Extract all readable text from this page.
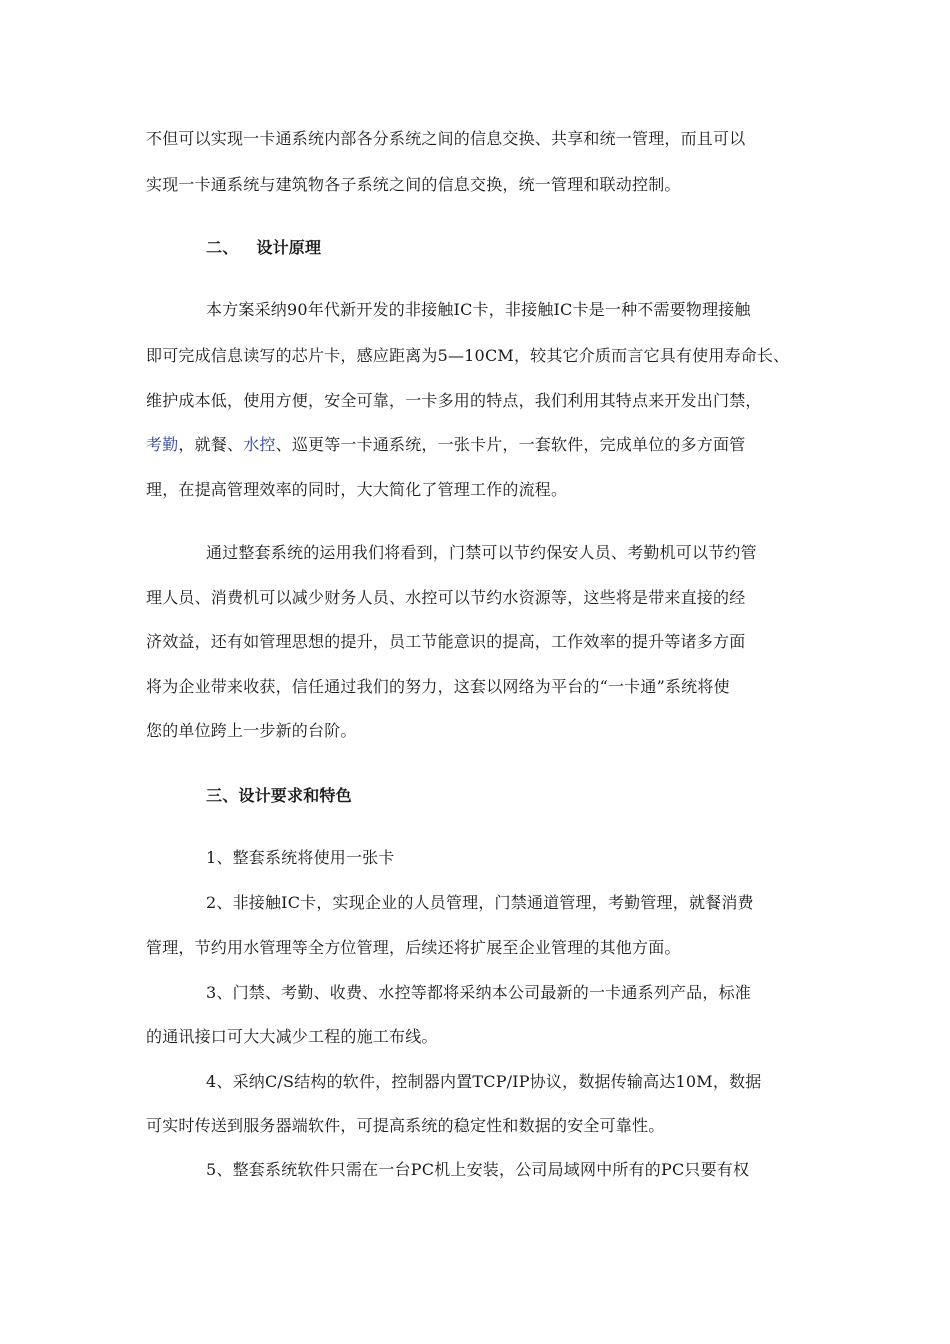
不但可以实现一卡通系统内部各分系统之间的信息交换、共享和统一管理，而且可以
实现一卡通系统与建筑物各子系统之间的信息交换，统一管理和联动控制。
二、 设计原理
本方案采纳90年代新开发的非接触IC卡，非接触IC卡是一种不需要物理接触
即可完成信息读写的芯片卡，感应距离为5—10CM，较其它介质而言它具有使用寿命长、
维护成本低，使用方便，安全可靠，一卡多用的特点，我们利用其特点来开发出门禁，
考勤，就餐、水控、巡更等一卡通系统，一张卡片，一套软件，完成单位的多方面管
理，在提高管理效率的同时，大大简化了管理工作的流程。
通过整套系统的运用我们将看到，门禁可以节约保安人员、考勤机可以节约管
理人员、消费机可以减少财务人员、水控可以节约水资源等，这些将是带来直接的经
济效益，还有如管理思想的提升，员工节能意识的提高，工作效率的提升等诸多方面
将为企业带来收获，信任通过我们的努力，这套以网络为平台的“一卡通”系统将使
您的单位跨上一步新的台阶。
三、设计要求和特色
1、整套系统将使用一张卡
2、非接触IC卡，实现企业的人员管理，门禁通道管理，考勤管理，就餐消费
管理，节约用水管理等全方位管理，后续还将扩展至企业管理的其他方面。
3、门禁、考勤、收费、水控等都将采纳本公司最新的一卡通系列产品，标准
的通讯接口可大大减少工程的施工布线。
4、采纳C/S结构的软件，控制器内置TCP/IP协议，数据传输高达10M，数据
可实时传送到服务器端软件，可提高系统的稳定性和数据的安全可靠性。
5、整套系统软件只需在一台PC机上安装，公司局域网中所有的PC只要有权
